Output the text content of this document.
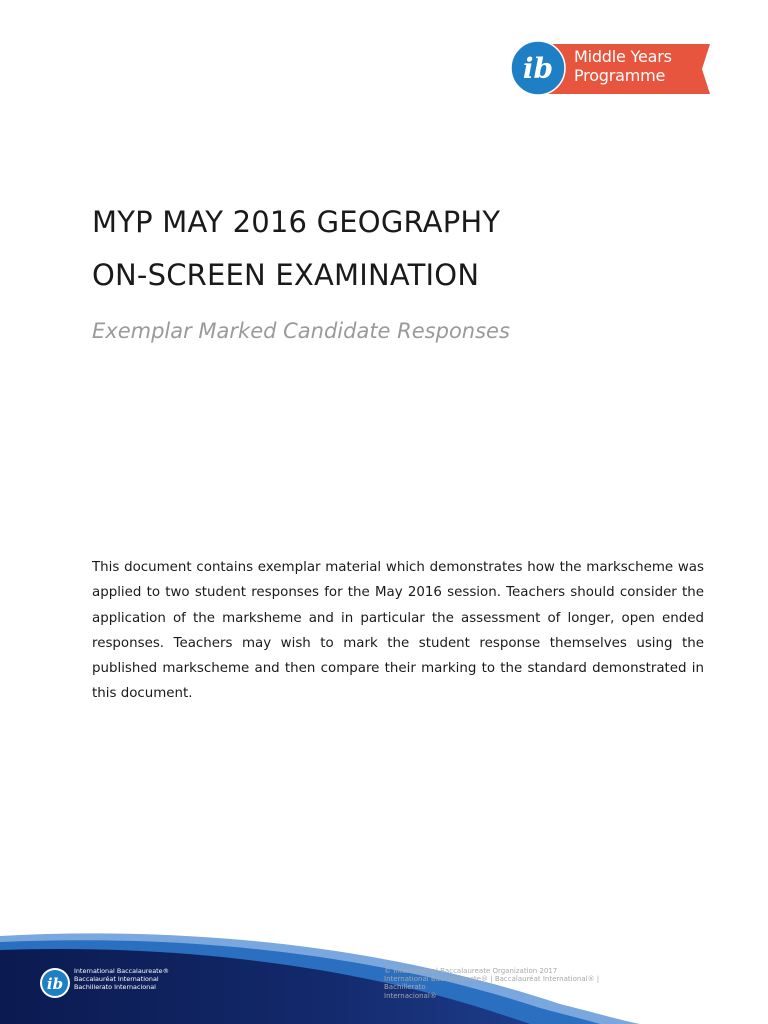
ib Middle Years
Programme
MYP MAY 2016 GEOGRAPHY
ON-SCREEN EXAMINATION
Exemplar Marked Candidate Responses

This document contains exemplar material which demonstrates how the markscheme was applied to two student responses for the May 2016 session. Teachers should consider the application of the marksheme and in particular the assessment of longer, open ended responses. Teachers may wish to mark the student response themselves using the published markscheme and then compare their marking to the standard demonstrated in this document.

ib
International Baccalaureate®
Baccalauréat International
Bachillerato Internacional
© International Baccalaureate Organization 2017
International Baccalaureate® | Baccalauréat International® | Bachillerato
Internacional®
